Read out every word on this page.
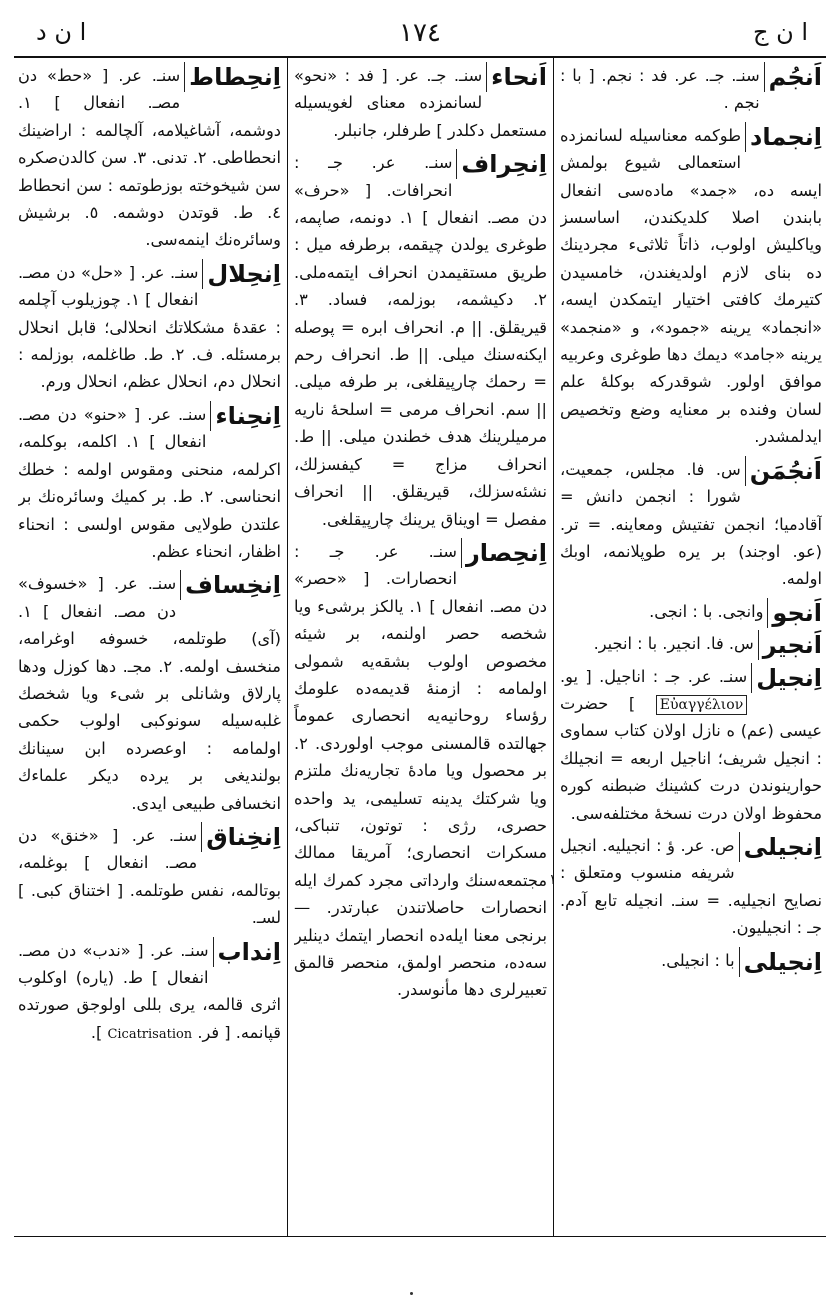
ا ن ج
١٧٤
ا ن د
اَنجُم

سنـ. جـ. عر. فد : نجم. [ با : نجم .

اِنجماد

طوكمه معناسيله لسانمزده استعمالی شيوع بولمش ايسه ده، «جمد» ماده‌سی انفعال بابندن اصلا كلديكندن، اساسسز وياكليش اولوب، ذاتاً ثلاثیء مجردينك ده بنای لازم اولديغندن، خامسيدن كتيرمك كافتی اختيار ايتمكدن ايسه، «انجماد» يرينه «جمود»، و «منجمد» يرينه «جامد» ديمك دها طوغری وعربيه موافق اولور. شوقدركه بوكلهٔ علم لسان وفنده بر معنايه وضع وتخصيص ايدلمشدر.

اَنجُمَن

س. فا. مجلس، جمعيت، شورا : انجمن دانش = آقادميا؛ انجمن تفتيش ومعاينه. = تر. (عو. اوجند) بر يره طوپلانمه، اوبك اولمه.

اَنجو

وانجی. با : انجی.

اَنجير

س. فا. انجير. با : انجير.

اِنجيل

سنـ. عر. جـ : اناجيل. [ يو. Εὐαγγέλιον ] حضرت عيسی (عم) ه نازل اولان كتاب سماوی : انجيل شريف؛ اناجيل اربعه = انجيلك حوارينوندن درت كشينك ضبطنه كوره محفوظ اولان درت نسخهٔ مختلفه‌سی.

اِنجيلی

ص. عر. ؤ : انجيليه. انجيل شريفه منسوب ومتعلق : نصايح انجيليه. = سنـ. انجيله تابع آدم. جـ : انجيليون.

اِنجيلی

با : انجيلی.

اَنحاء

سنـ. جـ. عر. [ فد : «نحو» لسانمزده معنای لغويسيله مستعمل دكلدر ] طرفلر، جانبلر.

اِنحِراف

سنـ. عر. جـ : انحرافات. [ «حرف» دن مصـ. انفعال ] ١. دونمه، صاپمه، طوغری يولدن چيقمه، برطرفه ميل : طريق مستقيمدن انحراف ايتمه‌ملی. ٢. دكيشمه، بوزلمه، فساد. ٣. قيريقلق. || م. انحراف ابره = پوصله ايكنه‌سنك ميلی. || ط. انحراف رحم = رحمك چارپيقلغی، بر طرفه ميلی. || سم. انحراف مرمی = اسلحهٔ ناريه مرميلرينك هدف خطندن ميلی. || ط. انحراف مزاج = كيفسزلك، نشئه‌سزلك، قيريقلق. || انحراف مفصل = اويناق يرينك چارپيقلغی.

اِنحِصار

سنـ. عر. جـ : انحصارات. [ «حصر» دن مصـ. انفعال ] ١. يالكز برشیء ويا شخصه حصر اولنمه، بر شيئه مخصوص اولوب بشقه‌يه شمولی اولمامه : ازمنهٔ قديمه‌ده علومك رؤساء روحانيه‌يه انحصاری عموماً جهالتده قالمسنی موجب اولوردی. ٢. بر محصول ويا مادهٔ تجاريه‌نك ملتزم ويا شركتك يدينه تسليمی، يد واحده حصری، رژی : توتون، تنباكی، مسكرات انحصاری؛ آمريقا ممالك مجتمعه‌سنك وارداتی مجرد كمرك ايله انحصارات حاصلاتندن عبارتدر. — برنجی معنا ايله‌ده انحصار ايتمك دينلير سه‌ده، منحصر اولمق، منحصر قالمق تعبيرلری دها مأنوسدر.

اِنحِطاط

سنـ. عر. [ «حط» دن مصـ. انفعال ] ١. دوشمه، آشاغيلامه، آلچالمه : اراضينك انحطاطی. ٢. تدنی. ٣. سن كالدن‌صكره سن شيخوخته بوزطوتمه : سن انحطاط ٤. ط. قوتدن دوشمه. ٥. برشيش وسائره‌نك اينمه‌سی.

اِنحِلال

سنـ. عر. [ «حل» دن مصـ. انفعال ] ١. چوزيلوب آچلمه : عقدهٔ مشكلاتك انحلالی؛ قابل انحلال برمسئله. ف. ٢. ط. طاغلمه، بوزلمه : انحلال دم، انحلال عظم، انحلال ورم.

اِنحِناء

سنـ. عر. [ «حنو» دن مصـ. انفعال ] ١. اكلمه، بوكلمه، اكرلمه، منحنی ومقوس اولمه : خطك انحناسی. ٢. ط. بر كميك وسائره‌نك بر علتدن طولايی مقوس اولسی : انحناء اظفار، انحناء عظم.

اِنخِساف

سنـ. عر. [ «خسوف» دن مصـ. انفعال ] ١. (آی) طوتلمه، خسوفه اوغرامه، منخسف اولمه. ٢. مجـ. دها كوزل ودها پارلاق وشانلی بر شیء ويا شخصك غلبه‌سيله سونوكبی اولوب حكمی اولمامه : اوعصرده ابن سينانك بولنديغی بر يرده ديكر علماءك انخسافی طبيعی ايدی.

اِنخِناق

سنـ. عر. [ «خنق» دن مصـ. انفعال ] بوغلمه، بوتالمه، نفس طوتلمه. [ اختناق كبی. ] لسـ.

اِنداب

سنـ. عر. [ «ندب» دن مصـ. انفعال ] ط. (ياره) اوكلوب اثری قالمه، يری بللی اولوجق صورتده قپانمه. [ فر. Cicatrisation ].

١
